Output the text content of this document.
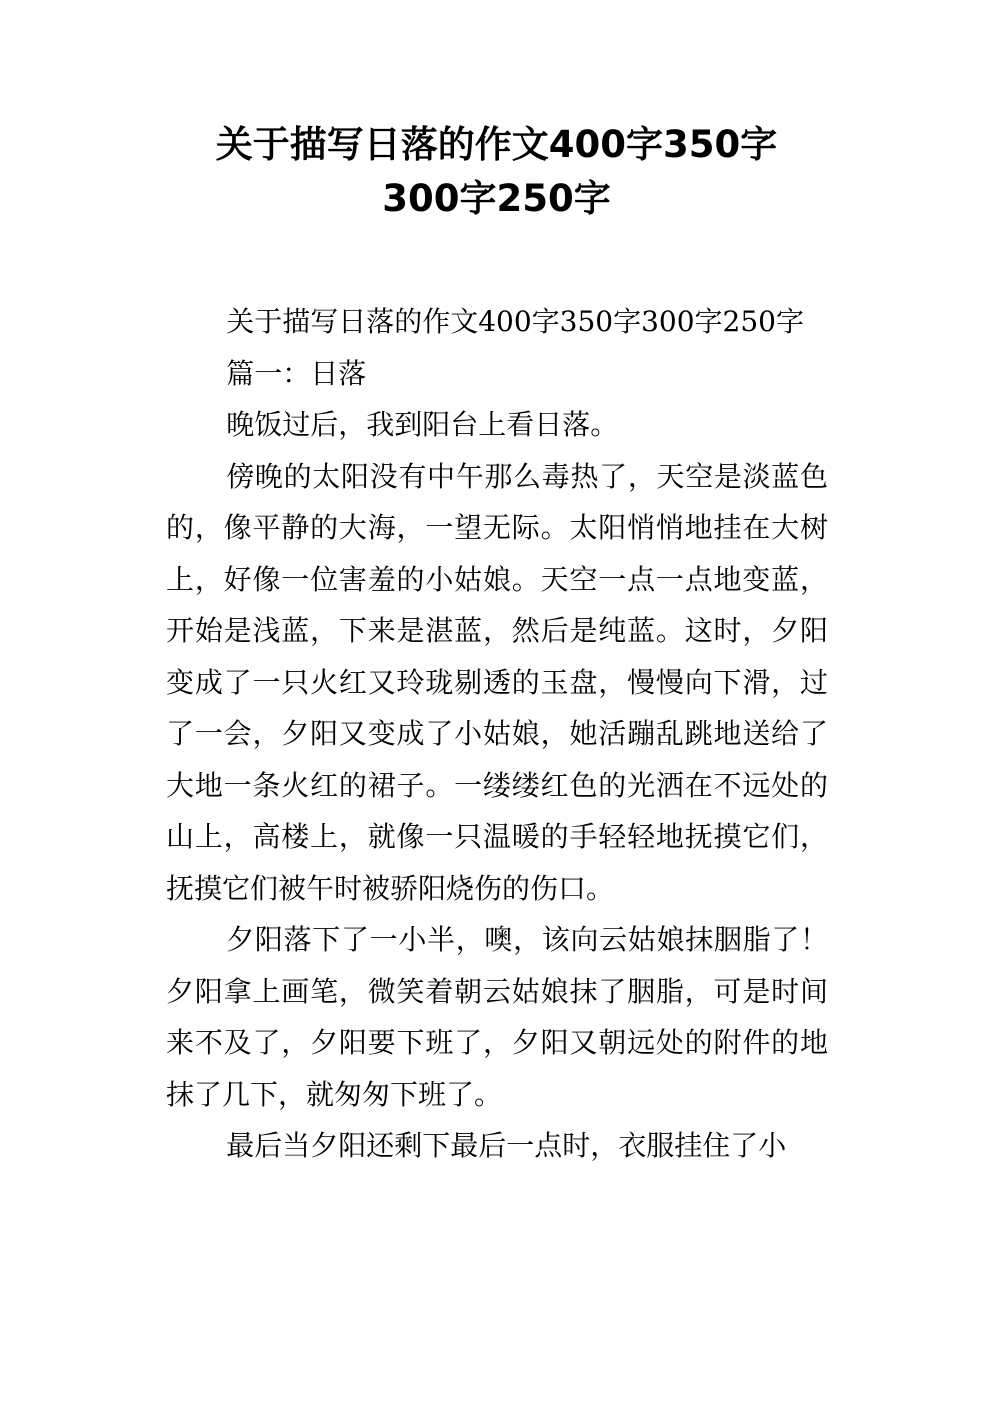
关于描写日落的作文400字350字
300字250字

关于描写日落的作文400字350字300字250字

篇一：日落

晚饭过后，我到阳台上看日落。

傍晚的太阳没有中午那么毒热了，天空是淡蓝色的，像平静的大海，一望无际。太阳悄悄地挂在大树上，好像一位害羞的小姑娘。天空一点一点地变蓝，开始是浅蓝，下来是湛蓝，然后是纯蓝。这时，夕阳变成了一只火红又玲珑剔透的玉盘，慢慢向下滑，过了一会，夕阳又变成了小姑娘，她活蹦乱跳地送给了大地一条火红的裙子。一缕缕红色的光洒在不远处的山上，高楼上，就像一只温暖的手轻轻地抚摸它们，抚摸它们被午时被骄阳烧伤的伤口。

夕阳落下了一小半，噢，该向云姑娘抹胭脂了！夕阳拿上画笔，微笑着朝云姑娘抹了胭脂，可是时间来不及了，夕阳要下班了，夕阳又朝远处的附件的地抹了几下，就匆匆下班了。

最后当夕阳还剩下最后一点时，衣服挂住了小
